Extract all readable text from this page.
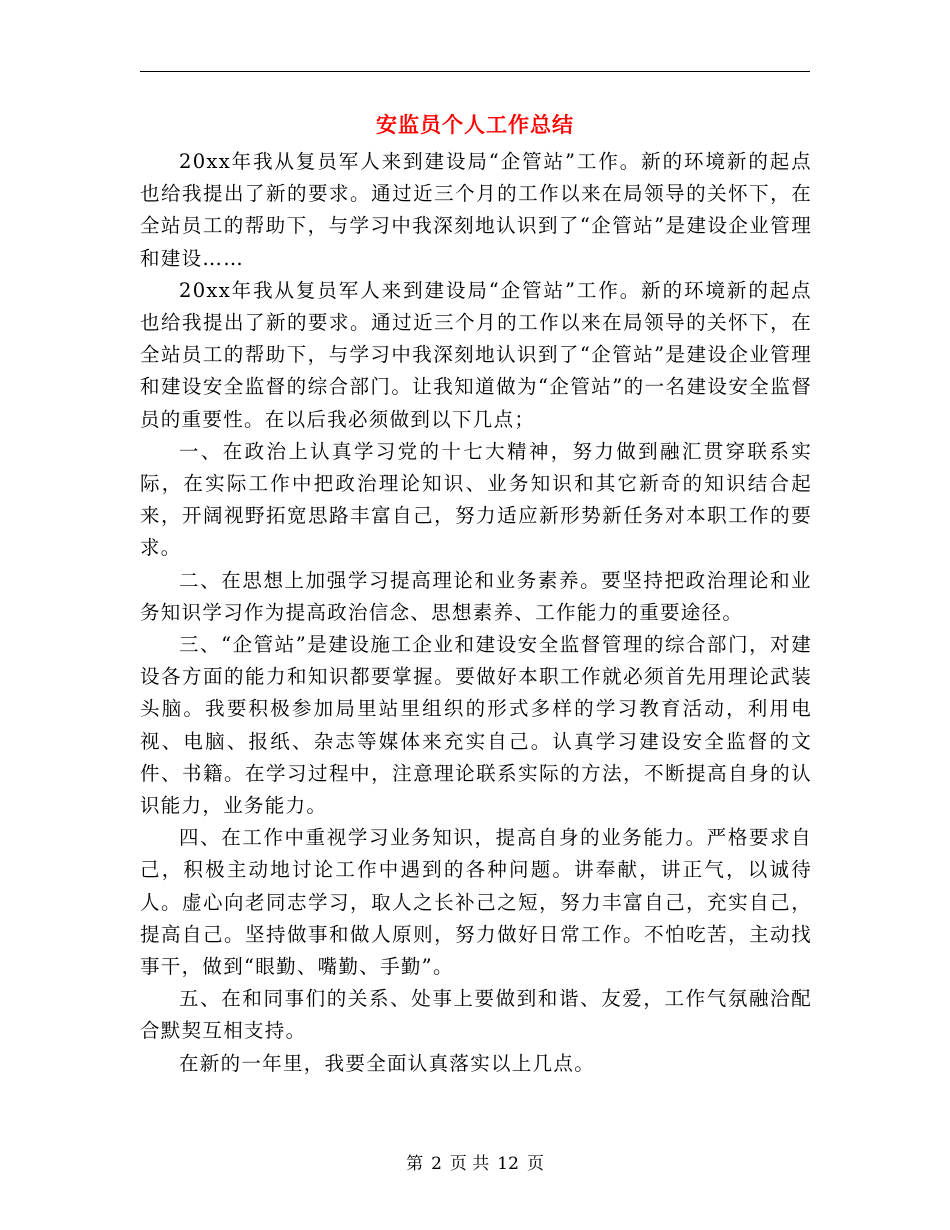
安监员个人工作总结

20xx年我从复员军人来到建设局“企管站”工作。新的环境新的起点也给我提出了新的要求。通过近三个月的工作以来在局领导的关怀下，在全站员工的帮助下，与学习中我深刻地认识到了“企管站”是建设企业管理和建设……

20xx年我从复员军人来到建设局“企管站”工作。新的环境新的起点也给我提出了新的要求。通过近三个月的工作以来在局领导的关怀下，在全站员工的帮助下，与学习中我深刻地认识到了“企管站”是建设企业管理和建设安全监督的综合部门。让我知道做为“企管站”的一名建设安全监督员的重要性。在以后我必须做到以下几点；

一、在政治上认真学习党的十七大精神，努力做到融汇贯穿联系实际，在实际工作中把政治理论知识、业务知识和其它新奇的知识结合起来，开阔视野拓宽思路丰富自己，努力适应新形势新任务对本职工作的要求。

二、在思想上加强学习提高理论和业务素养。要坚持把政治理论和业务知识学习作为提高政治信念、思想素养、工作能力的重要途径。

三、“企管站”是建设施工企业和建设安全监督管理的综合部门，对建设各方面的能力和知识都要掌握。要做好本职工作就必须首先用理论武装头脑。我要积极参加局里站里组织的形式多样的学习教育活动，利用电视、电脑、报纸、杂志等媒体来充实自己。认真学习建设安全监督的文件、书籍。在学习过程中，注意理论联系实际的方法，不断提高自身的认识能力，业务能力。

四、在工作中重视学习业务知识，提高自身的业务能力。严格要求自己，积极主动地讨论工作中遇到的各种问题。讲奉献，讲正气，以诚待人。虚心向老同志学习，取人之长补己之短，努力丰富自己，充实自己，提高自己。坚持做事和做人原则，努力做好日常工作。不怕吃苦，主动找事干，做到“眼勤、嘴勤、手勤”。

五、在和同事们的关系、处事上要做到和谐、友爱，工作气氛融洽配合默契互相支持。

在新的一年里，我要全面认真落实以上几点。

第 2 页 共 12 页
